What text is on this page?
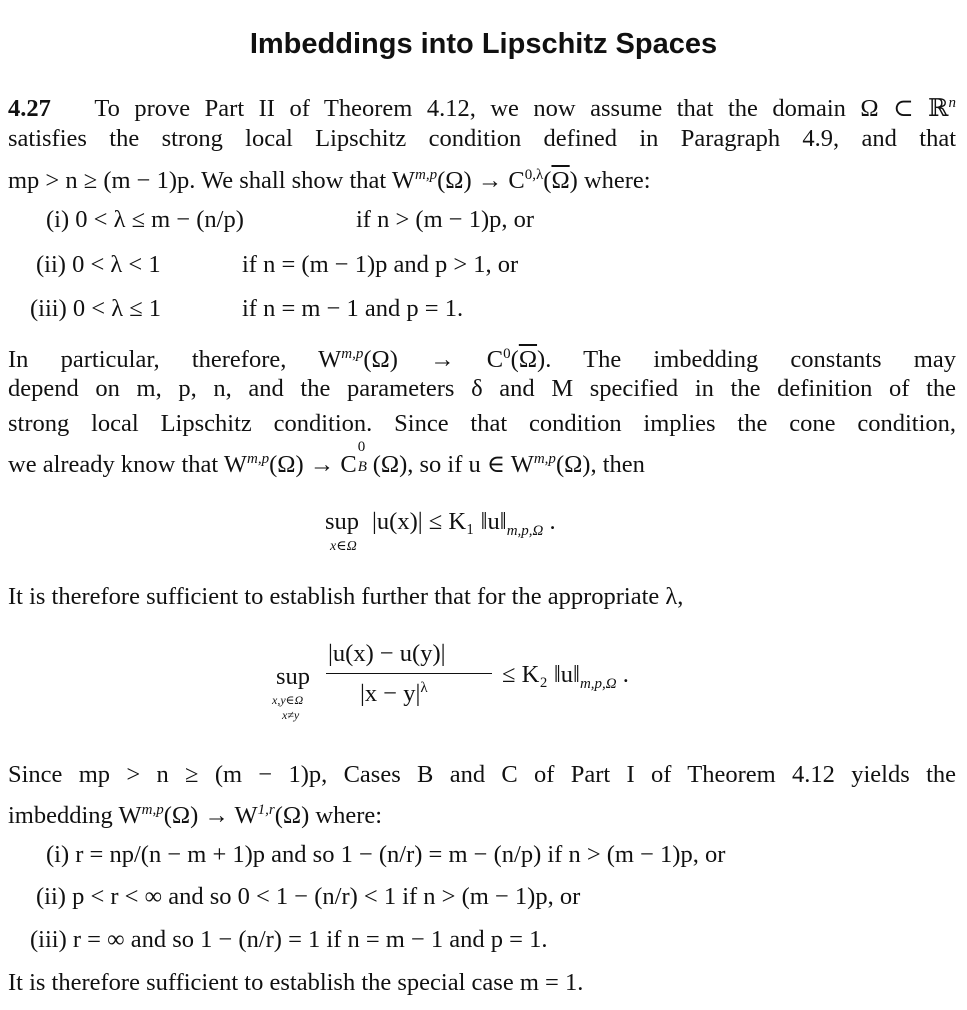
Imbeddings into Lipschitz Spaces
4.27 To prove Part II of Theorem 4.12, we now assume that the domain Ω ⊂ ℝ$^n$
satisfies the strong local Lipschitz condition defined in Paragraph 4.9, and that
mp > n ≥ (m − 1)p. We shall show that $W^{m,p}(\Omega) \to C^{0,\lambda}(\overline{\Omega})$ where:
(i) 0 < λ ≤ m − (n/p)	if n > (m − 1)p, or
(ii) 0 < λ < 1	if n = (m − 1)p and p > 1, or
(iii) 0 < λ ≤ 1	if n = m − 1 and p = 1.
In particular, therefore, $W^{m,p}(\Omega) \to C^0(\overline{\Omega})$. The imbedding constants may
depend on m, p, n, and the parameters δ and M specified in the definition of the
strong local Lipschitz condition. Since that condition implies the cone condition,
we already know that W$^{m,p}$(Ω) → C
0
B (Ω), so if u ∈ W$^{m,p}$(Ω), then
sup
x∈Ω
|u(x)| ≤ K₁ $‖u‖_{m,p,\Omega}$ .
It is therefore sufficient to establish further that for the appropriate λ,
sup
x,y∈Ω
x≠y
|u(x) − u(y)|
$|x - y|^\lambda$	≤ K₂ $‖u‖_{m,p,\Omega}$ .
Since mp > n ≥ (m − 1)p, Cases B and C of Part I of Theorem 4.12 yields the
imbedding W$^{m,p}$(Ω) → W$^{1,r}$(Ω) where:
(i) r = np/(n − m + 1)p and so 1 − (n/r) = m − (n/p) if n > (m − 1)p, or
(ii) p < r < ∞ and so 0 < 1 − (n/r) < 1 if n > (m − 1)p, or
(iii) r = ∞ and so 1 − (n/r) = 1 if n = m − 1 and p = 1.
It is therefore sufficient to establish the special case m = 1.
